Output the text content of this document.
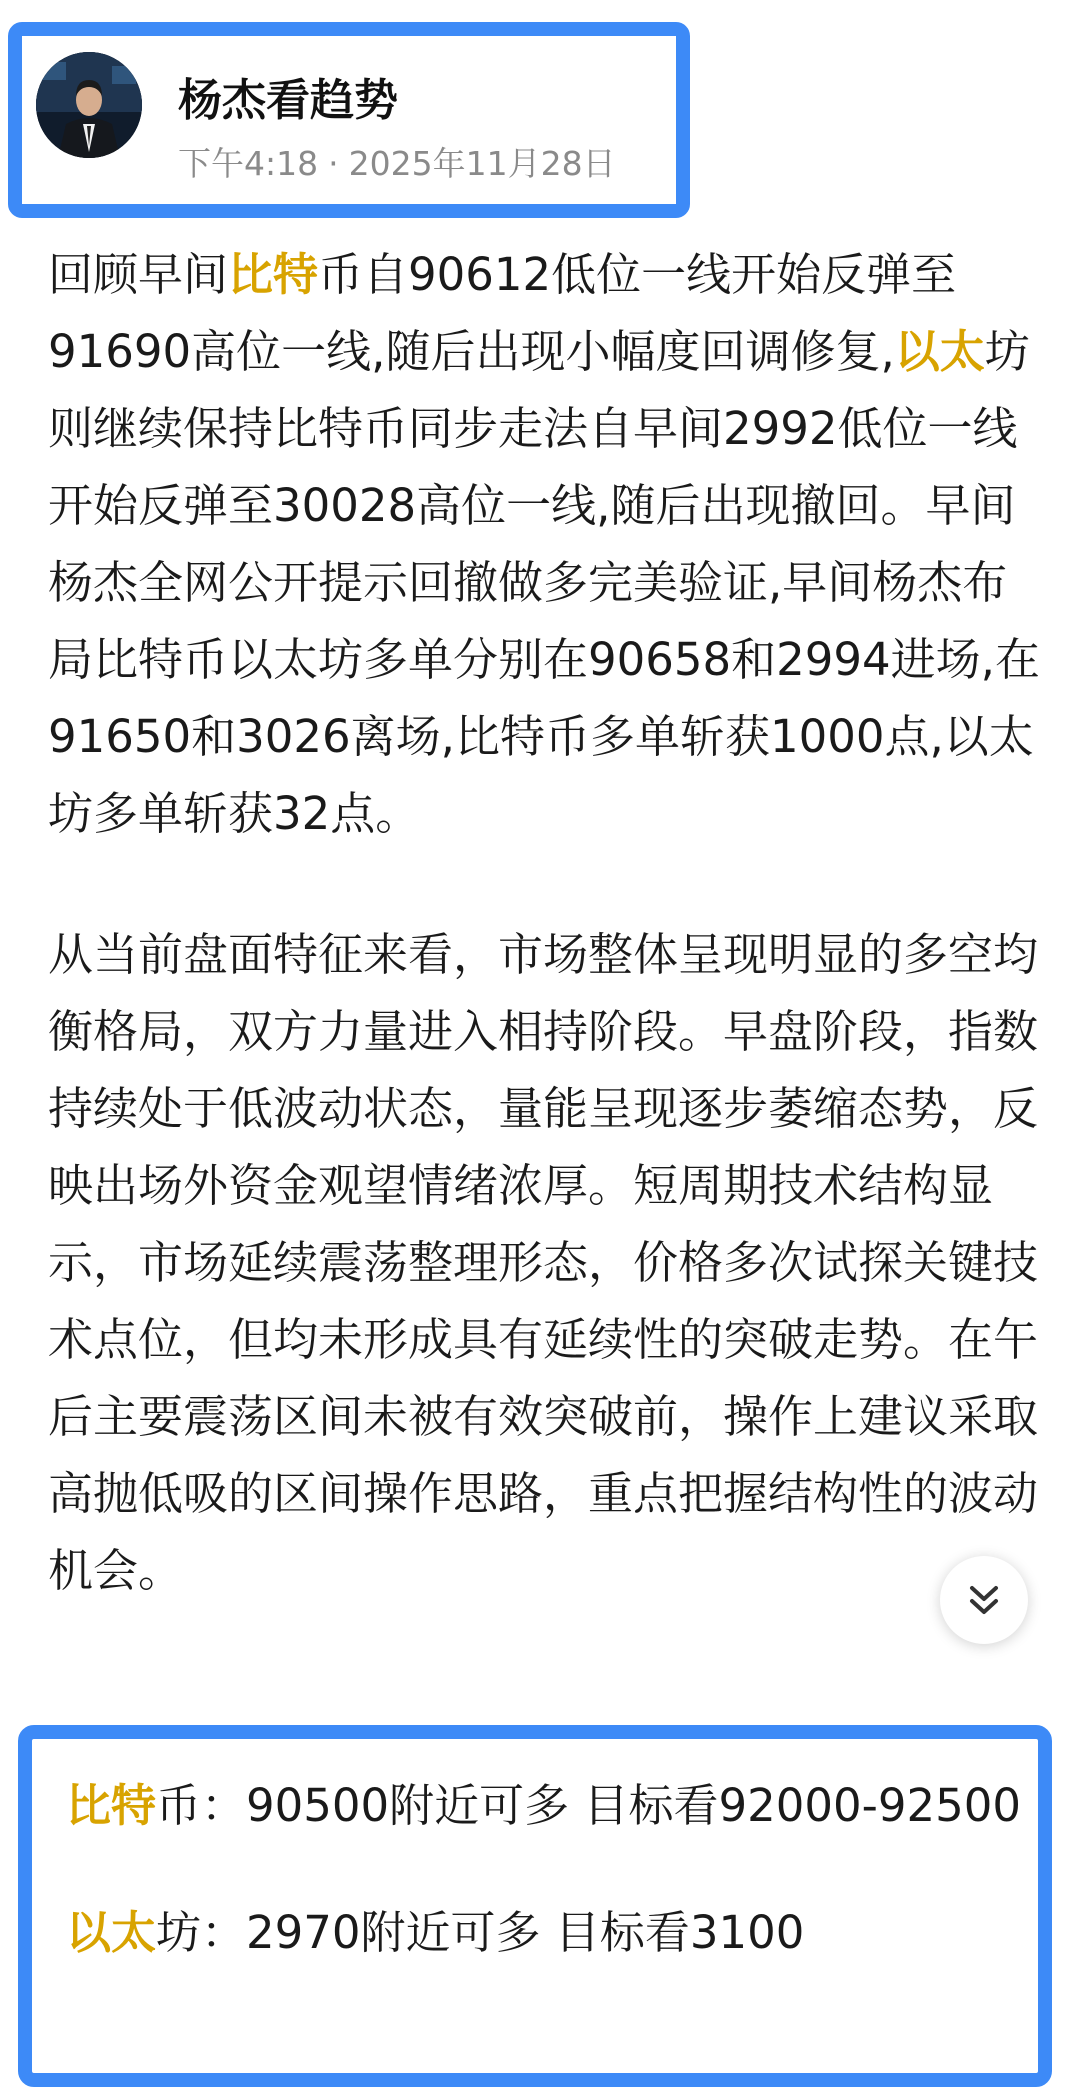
杨杰看趋势
下午4:18 · 2025年11月28日

回顾早间比特币自90612低位一线开始反弹至91690高位一线,随后出现小幅度回调修复,以太坊则继续保持比特币同步走法自早间2992低位一线开始反弹至30028高位一线,随后出现撤回。早间杨杰全网公开提示回撤做多完美验证,早间杨杰布局比特币以太坊多单分别在90658和2994进场,在91650和3026离场,比特币多单斩获1000点,以太坊多单斩获32点。

从当前盘面特征来看，市场整体呈现明显的多空均衡格局，双方力量进入相持阶段。早盘阶段，指数持续处于低波动状态，量能呈现逐步萎缩态势，反映出场外资金观望情绪浓厚。短周期技术结构显示，市场延续震荡整理形态，价格多次试探关键技术点位，但均未形成具有延续性的突破走势。在午后主要震荡区间未被有效突破前，操作上建议采取高抛低吸的区间操作思路，重点把握结构性的波动机会。

比特币：90500附近可多 目标看92000-92500

以太坊：2970附近可多 目标看3100
